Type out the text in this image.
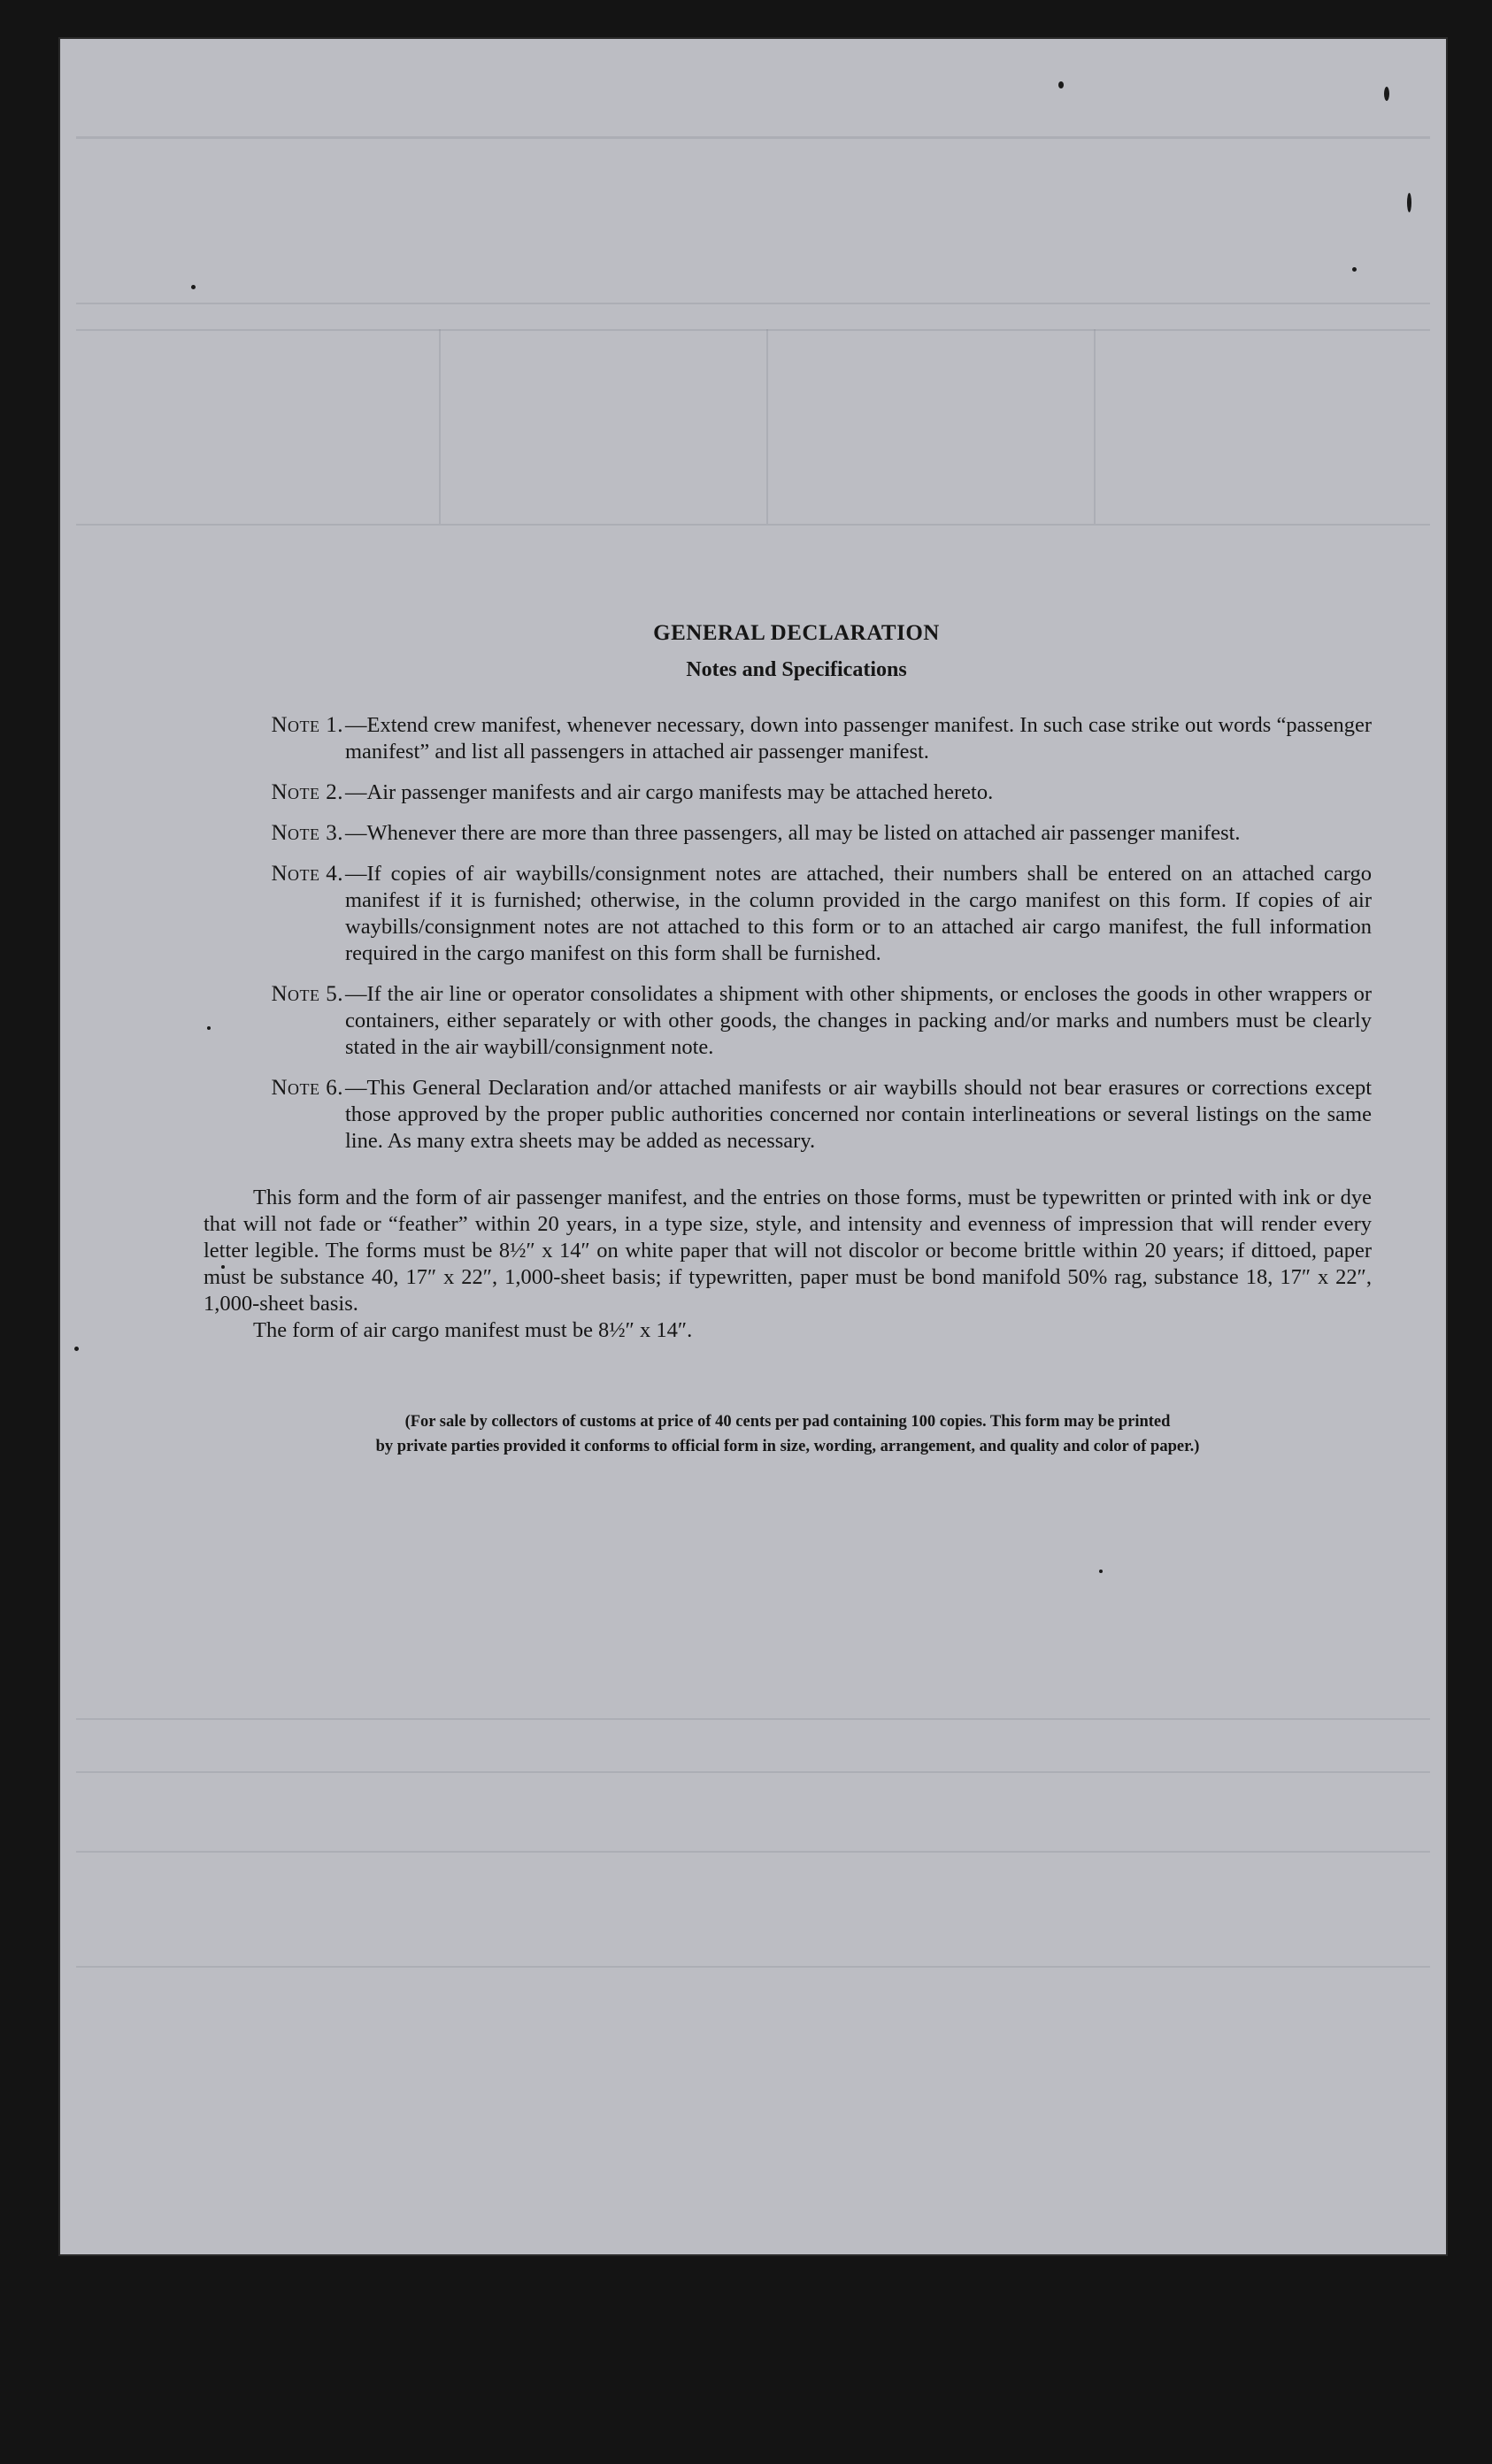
GENERAL DECLARATION
Notes and Specifications
Note 1. —Extend crew manifest, whenever necessary, down into passenger manifest. In such case strike out words “passenger manifest” and list all passengers in attached air passenger manifest.
Note 2. —Air passenger manifests and air cargo manifests may be attached hereto.
Note 3. —Whenever there are more than three passengers, all may be listed on attached air passenger manifest.
Note 4. —If copies of air waybills/consignment notes are attached, their numbers shall be entered on an attached cargo manifest if it is furnished; otherwise, in the column provided in the cargo manifest on this form. If copies of air waybills/consignment notes are not attached to this form or to an attached air cargo manifest, the full information required in the cargo manifest on this form shall be furnished.
Note 5. —If the air line or operator consolidates a shipment with other shipments, or encloses the goods in other wrappers or containers, either separately or with other goods, the changes in packing and/or marks and numbers must be clearly stated in the air waybill/consignment note.
Note 6. —This General Declaration and/or attached manifests or air waybills should not bear erasures or corrections except those approved by the proper public authorities concerned nor contain interlineations or several listings on the same line. As many extra sheets may be added as necessary.

This form and the form of air passenger manifest, and the entries on those forms, must be typewritten or printed with ink or dye that will not fade or “feather” within 20 years, in a type size, style, and intensity and evenness of impression that will render every letter legible. The forms must be 8½″ x 14″ on white paper that will not discolor or become brittle within 20 years; if dittoed, paper must be substance 40, 17″ x 22″, 1,000-sheet basis; if typewritten, paper must be bond manifold 50% rag, substance 18, 17″ x 22″, 1,000-sheet basis.

The form of air cargo manifest must be 8½″ x 14″.

(For sale by collectors of customs at price of 40 cents per pad containing 100 copies. This form may be printed
by private parties provided it conforms to official form in size, wording, arrangement, and quality and color of paper.)
